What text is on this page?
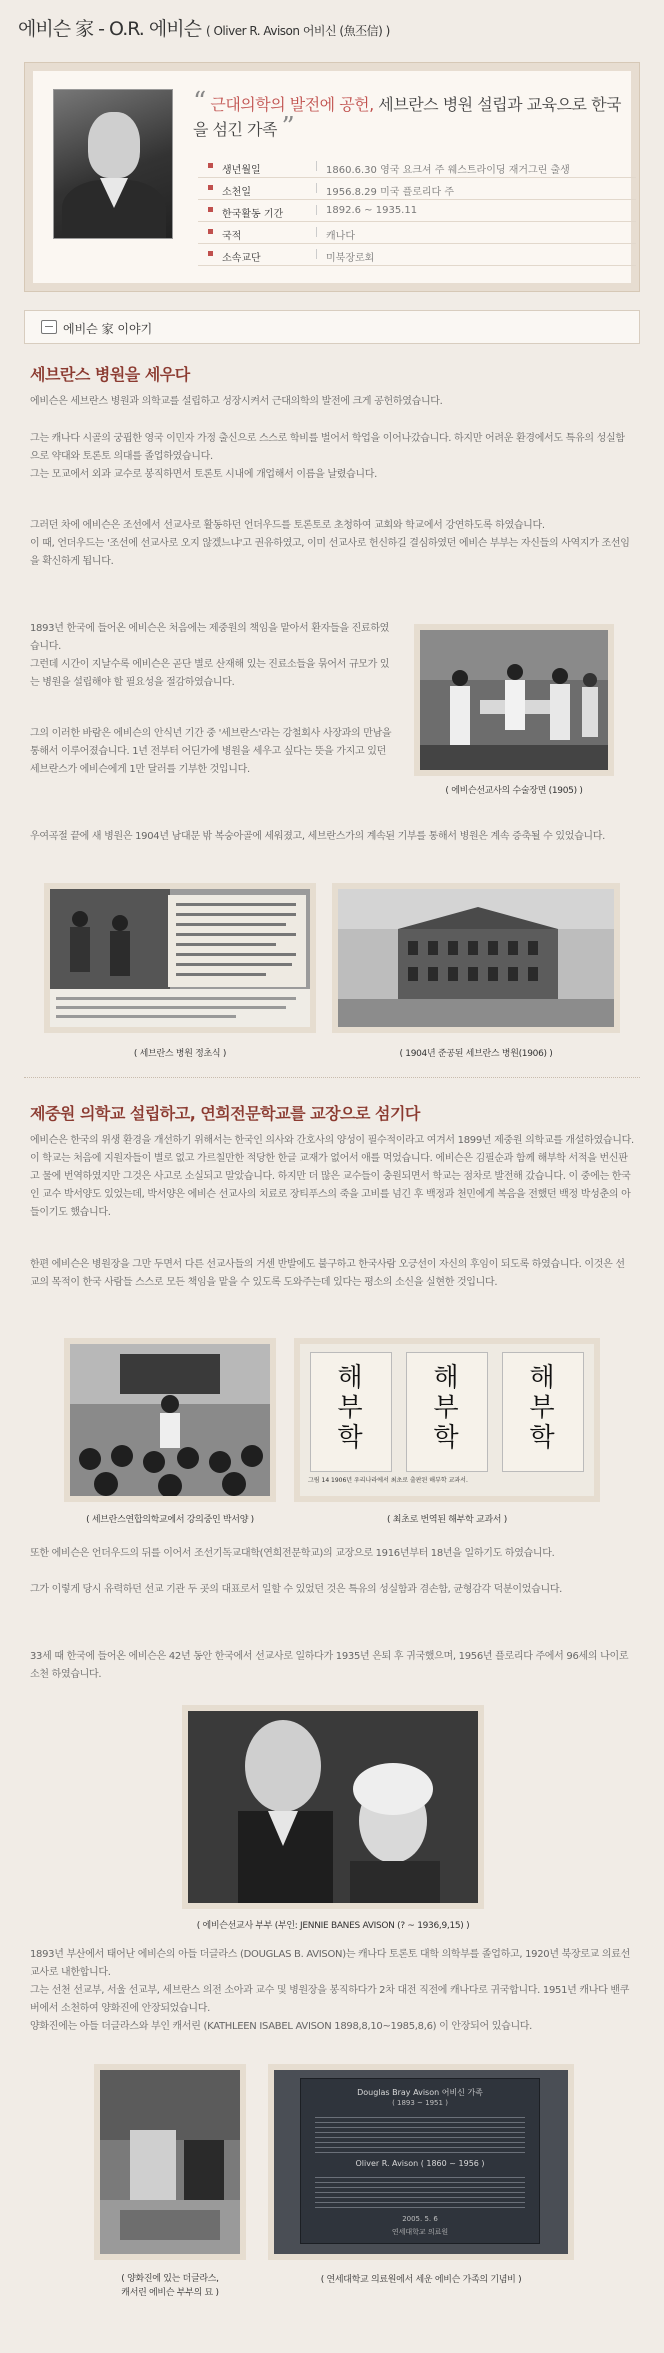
에비슨 家 - O.R. 에비슨 ( Oliver R. Avison 어비신 (魚丕信) )
“ 근대의학의 발전에 공헌, 세브란스 병원 설립과 교육으로 한국을 섬긴 가족 ”
생년월일	1860.6.30 영국 요크셔 주 웨스트라이딩 재거그린 출생
소천일	1956.8.29 미국 플로리다 주
한국활동 기간	1892.6 ~ 1935.11
국적	캐나다
소속교단	미북장로회
에비슨 家 이야기
세브란스 병원을 세우다

에비슨은 세브란스 병원과 의학교를 설립하고 성장시켜서 근대의학의 발전에 크게 공헌하였습니다.

그는 캐나다 시골의 궁핍한 영국 이민자 가정 출신으로 스스로 학비를 벌어서 학업을 이어나갔습니다. 하지만 어려운 환경에서도 특유의 성실함으로 약대와 토론토 의대를 졸업하였습니다.

그는 모교에서 외과 교수로 봉직하면서 토론토 시내에 개업해서 이름을 날렸습니다.

그러던 차에 에비슨은 조선에서 선교사로 활동하던 언더우드를 토론토로 초청하여 교회와 학교에서 강연하도록 하였습니다.

이 때, 언더우드는 '조선에 선교사로 오지 않겠느냐'고 권유하였고, 이미 선교사로 헌신하길 결심하였던 에비슨 부부는 자신들의 사역지가 조선임을 확신하게 됩니다.

1893년 한국에 들어온 에비슨은 처음에는 제중원의 책임을 맡아서 환자들을 진료하였습니다.

그런데 시간이 지날수록 에비슨은 곧단 별로 산재해 있는 진료소들을 묶어서 규모가 있는 병원을 설립해야 할 필요성을 절감하였습니다.

그의 이러한 바람은 에비슨의 안식년 기간 중 '세브란스'라는 강철회사 사장과의 만남을 통해서 이루어졌습니다. 1년 전부터 어딘가에 병원을 세우고 싶다는 뜻을 가지고 있던 세브란스가 에비슨에게 1만 달러를 기부한 것입니다.

( 에비슨선교사의 수술장면 (1905) )

우여곡절 끝에 새 병원은 1904년 남대문 밖 복숭아골에 세워졌고, 세브란스가의 계속된 기부를 통해서 병원은 계속 증축될 수 있었습니다.

( 세브란스 병원 정초식 )	( 1904년 준공된 세브란스 병원(1906) )
제중원 의학교 설립하고, 연희전문학교를 교장으로 섬기다

에비슨은 한국의 위생 환경을 개선하기 위해서는 한국인 의사와 간호사의 양성이 필수적이라고 여겨서 1899년 제중원 의학교를 개설하였습니다. 이 학교는 처음에 지원자들이 별로 없고 가르칠만한 적당한 한글 교재가 없어서 애를 먹었습니다. 에비슨은 김필순과 함께 해부학 서적을 번신판고 물에 번역하였지만 그것은 사고로 소실되고 말았습니다. 하지만 더 많은 교수들이 충원되면서 학교는 점차로 발전해 갔습니다. 이 중에는 한국인 교수 박서양도 있었는데, 박서양은 에비슨 선교사의 치료로 장티푸스의 죽을 고비를 넘긴 후 백정과 천민에게 복음을 전했던 백정 박성춘의 아들이기도 했습니다.

한편 에비슨은 병원장을 그만 두면서 다른 선교사들의 거센 반발에도 불구하고 한국사람 오긍선이 자신의 후임이 되도록 하였습니다. 이것은 선교의 목적이 한국 사람들 스스로 모든 책임을 맡을 수 있도록 도와주는데 있다는 평소의 소신을 실현한 것입니다.

( 세브란스연합의학교에서 강의중인 박서양 )
해부학
해부학
해부학
그림 14 1906년 우리나라에서 최초로 출판된 해부학 교과서.
( 최초로 번역된 해부학 교과서 )

또한 에비슨은 언더우드의 뒤를 이어서 조선기독교대학(연희전문학교)의 교장으로 1916년부터 18년을 일하기도 하였습니다.

그가 이렇게 당시 유력하던 선교 기관 두 곳의 대표로서 일할 수 있었던 것은 특유의 성실함과 겸손함, 균형감각 덕분이었습니다.

33세 때 한국에 들어온 에비슨은 42년 동안 한국에서 선교사로 일하다가 1935년 은퇴 후 귀국했으며, 1956년 플로리다 주에서 96세의 나이로 소천 하였습니다.

( 에비슨선교사 부부 (부인: JENNIE BANES AVISON (? ~ 1936,9,15) )

1893년 부산에서 태어난 에비슨의 아들 더글라스 (DOUGLAS B. AVISON)는 캐나다 토론토 대학 의학부를 졸업하고, 1920년 북장로교 의료선교사로 내한합니다.

그는 선천 선교부, 서울 선교부, 세브란스 의전 소아과 교수 및 병원장을 봉직하다가 2차 대전 직전에 캐나다로 귀국합니다. 1951년 캐나다 밴쿠버에서 소천하여 양화진에 안장되었습니다.

양화진에는 아들 더글라스와 부인 캐서린 (KATHLEEN ISABEL AVISON 1898,8,10~1985,8,6) 이 안장되어 있습니다.

( 양화진에 있는 더글라스,
캐서린 에비슨 부부의 묘 )
Douglas Bray Avison 어비신 가족
( 1893 ~ 1951 )
Oliver R. Avison ( 1860 ~ 1956 )
2005. 5. 6
연세대학교 의료원
( 연세대학교 의료원에서 세운 에비슨 가족의 기념비 )
